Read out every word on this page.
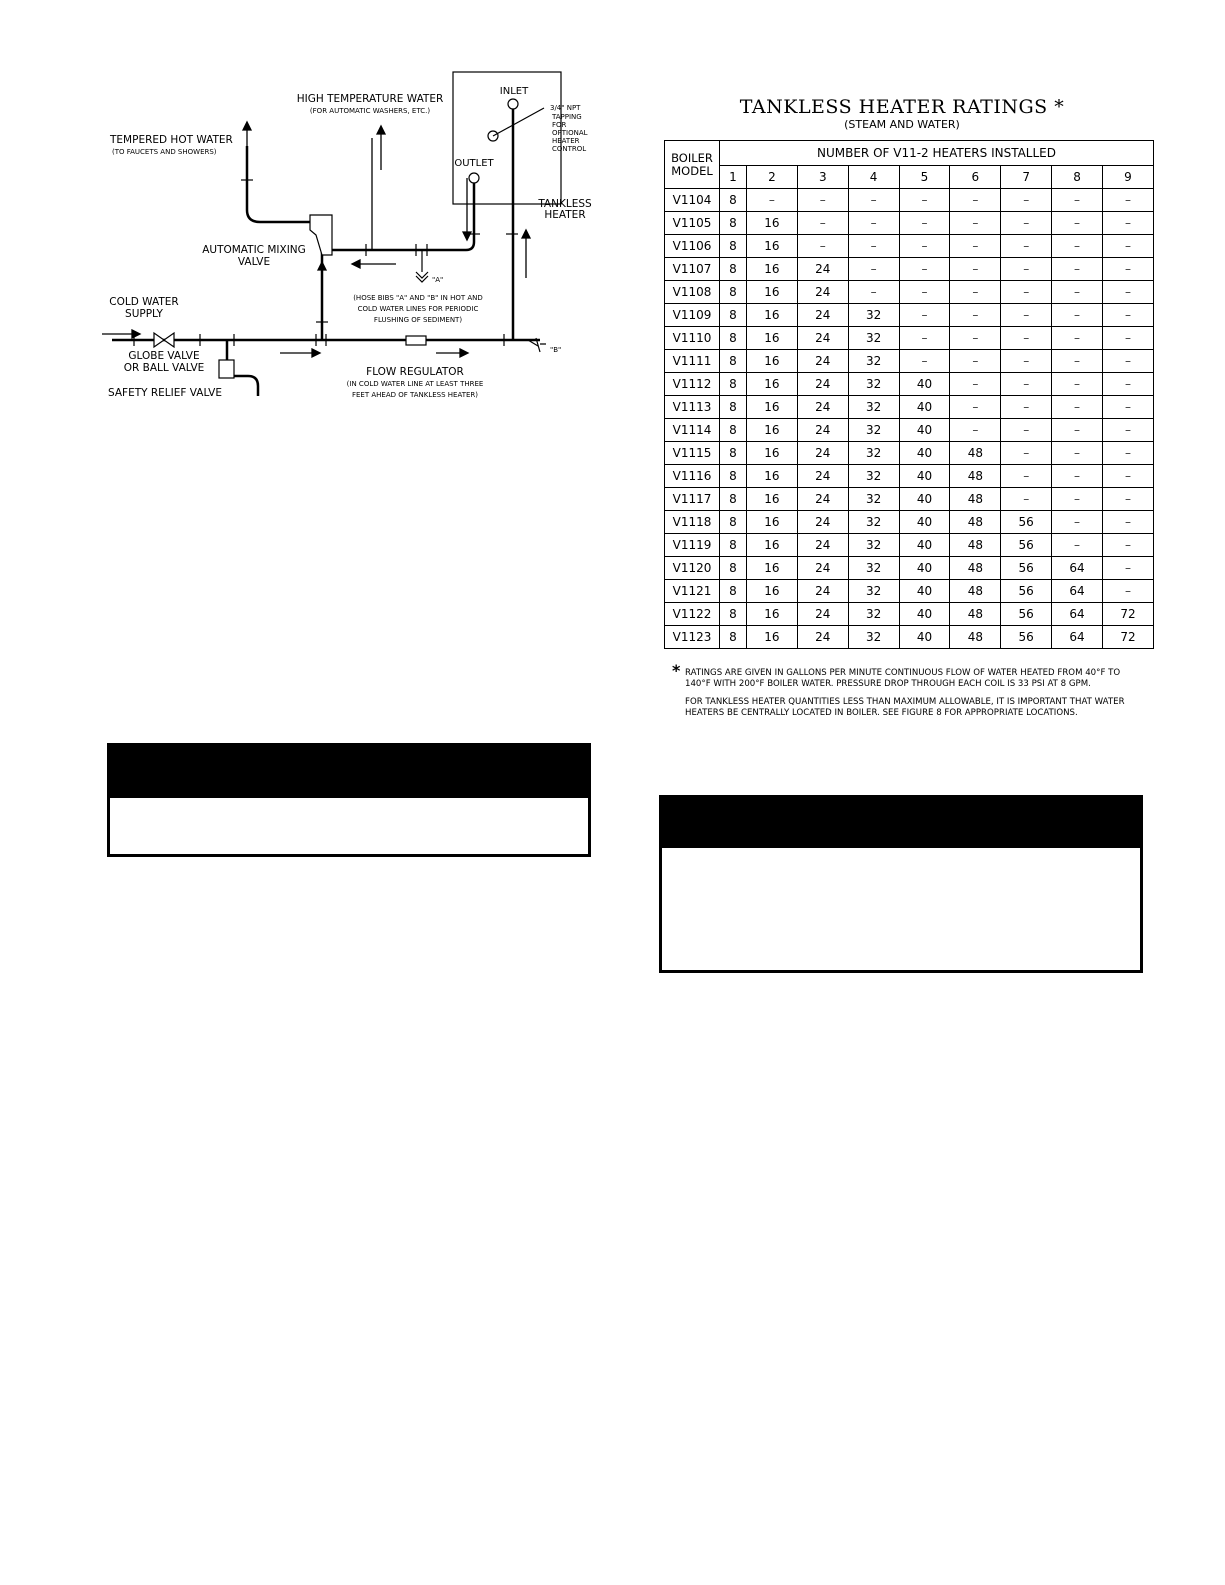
HIGH TEMPERATURE WATER
(FOR AUTOMATIC WASHERS, ETC.)
TEMPERED HOT WATER
(TO FAUCETS AND SHOWERS)
INLET
OUTLET
3/4" NPT
TAPPING
FOR
OPTIONAL
HEATER
CONTROL
TANKLESS
HEATER
AUTOMATIC MIXING
VALVE
"A"
"B"
(HOSE BIBS "A" AND "B" IN HOT AND
COLD WATER LINES FOR PERIODIC
FLUSHING OF SEDIMENT)
COLD WATER
SUPPLY
GLOBE VALVE
OR BALL VALVE
SAFETY RELIEF VALVE
FLOW REGULATOR
(IN COLD WATER LINE AT LEAST THREE
FEET AHEAD OF TANKLESS HEATER)
TANKLESS HEATER RATINGS *
(STEAM AND WATER)
BOILER
MODEL	NUMBER OF V11-2 HEATERS INSTALLED								
	1	2	3	4	5	6	7	8	9
V1104	8	–	–	–	–	–	–	–	–
V1105	8	16	–	–	–	–	–	–	–
V1106	8	16	–	–	–	–	–	–	–
V1107	8	16	24	–	–	–	–	–	–
V1108	8	16	24	–	–	–	–	–	–
V1109	8	16	24	32	–	–	–	–	–
V1110	8	16	24	32	–	–	–	–	–
V1111	8	16	24	32	–	–	–	–	–
V1112	8	16	24	32	40	–	–	–	–
V1113	8	16	24	32	40	–	–	–	–
V1114	8	16	24	32	40	–	–	–	–
V1115	8	16	24	32	40	48	–	–	–
V1116	8	16	24	32	40	48	–	–	–
V1117	8	16	24	32	40	48	–	–	–
V1118	8	16	24	32	40	48	56	–	–
V1119	8	16	24	32	40	48	56	–	–
V1120	8	16	24	32	40	48	56	64	–
V1121	8	16	24	32	40	48	56	64	–
V1122	8	16	24	32	40	48	56	64	72
V1123	8	16	24	32	40	48	56	64	72

* RATINGS ARE GIVEN IN GALLONS PER MINUTE CONTINUOUS FLOW OF WATER HEATED FROM 40°F TO 140°F WITH 200°F BOILER WATER. PRESSURE DROP THROUGH EACH COIL IS 33 PSI AT 8 GPM.

FOR TANKLESS HEATER QUANTITIES LESS THAN MAXIMUM ALLOWABLE, IT IS IMPORTANT THAT WATER HEATERS BE CENTRALLY LOCATED IN BOILER. SEE FIGURE 8 FOR APPROPRIATE LOCATIONS.
